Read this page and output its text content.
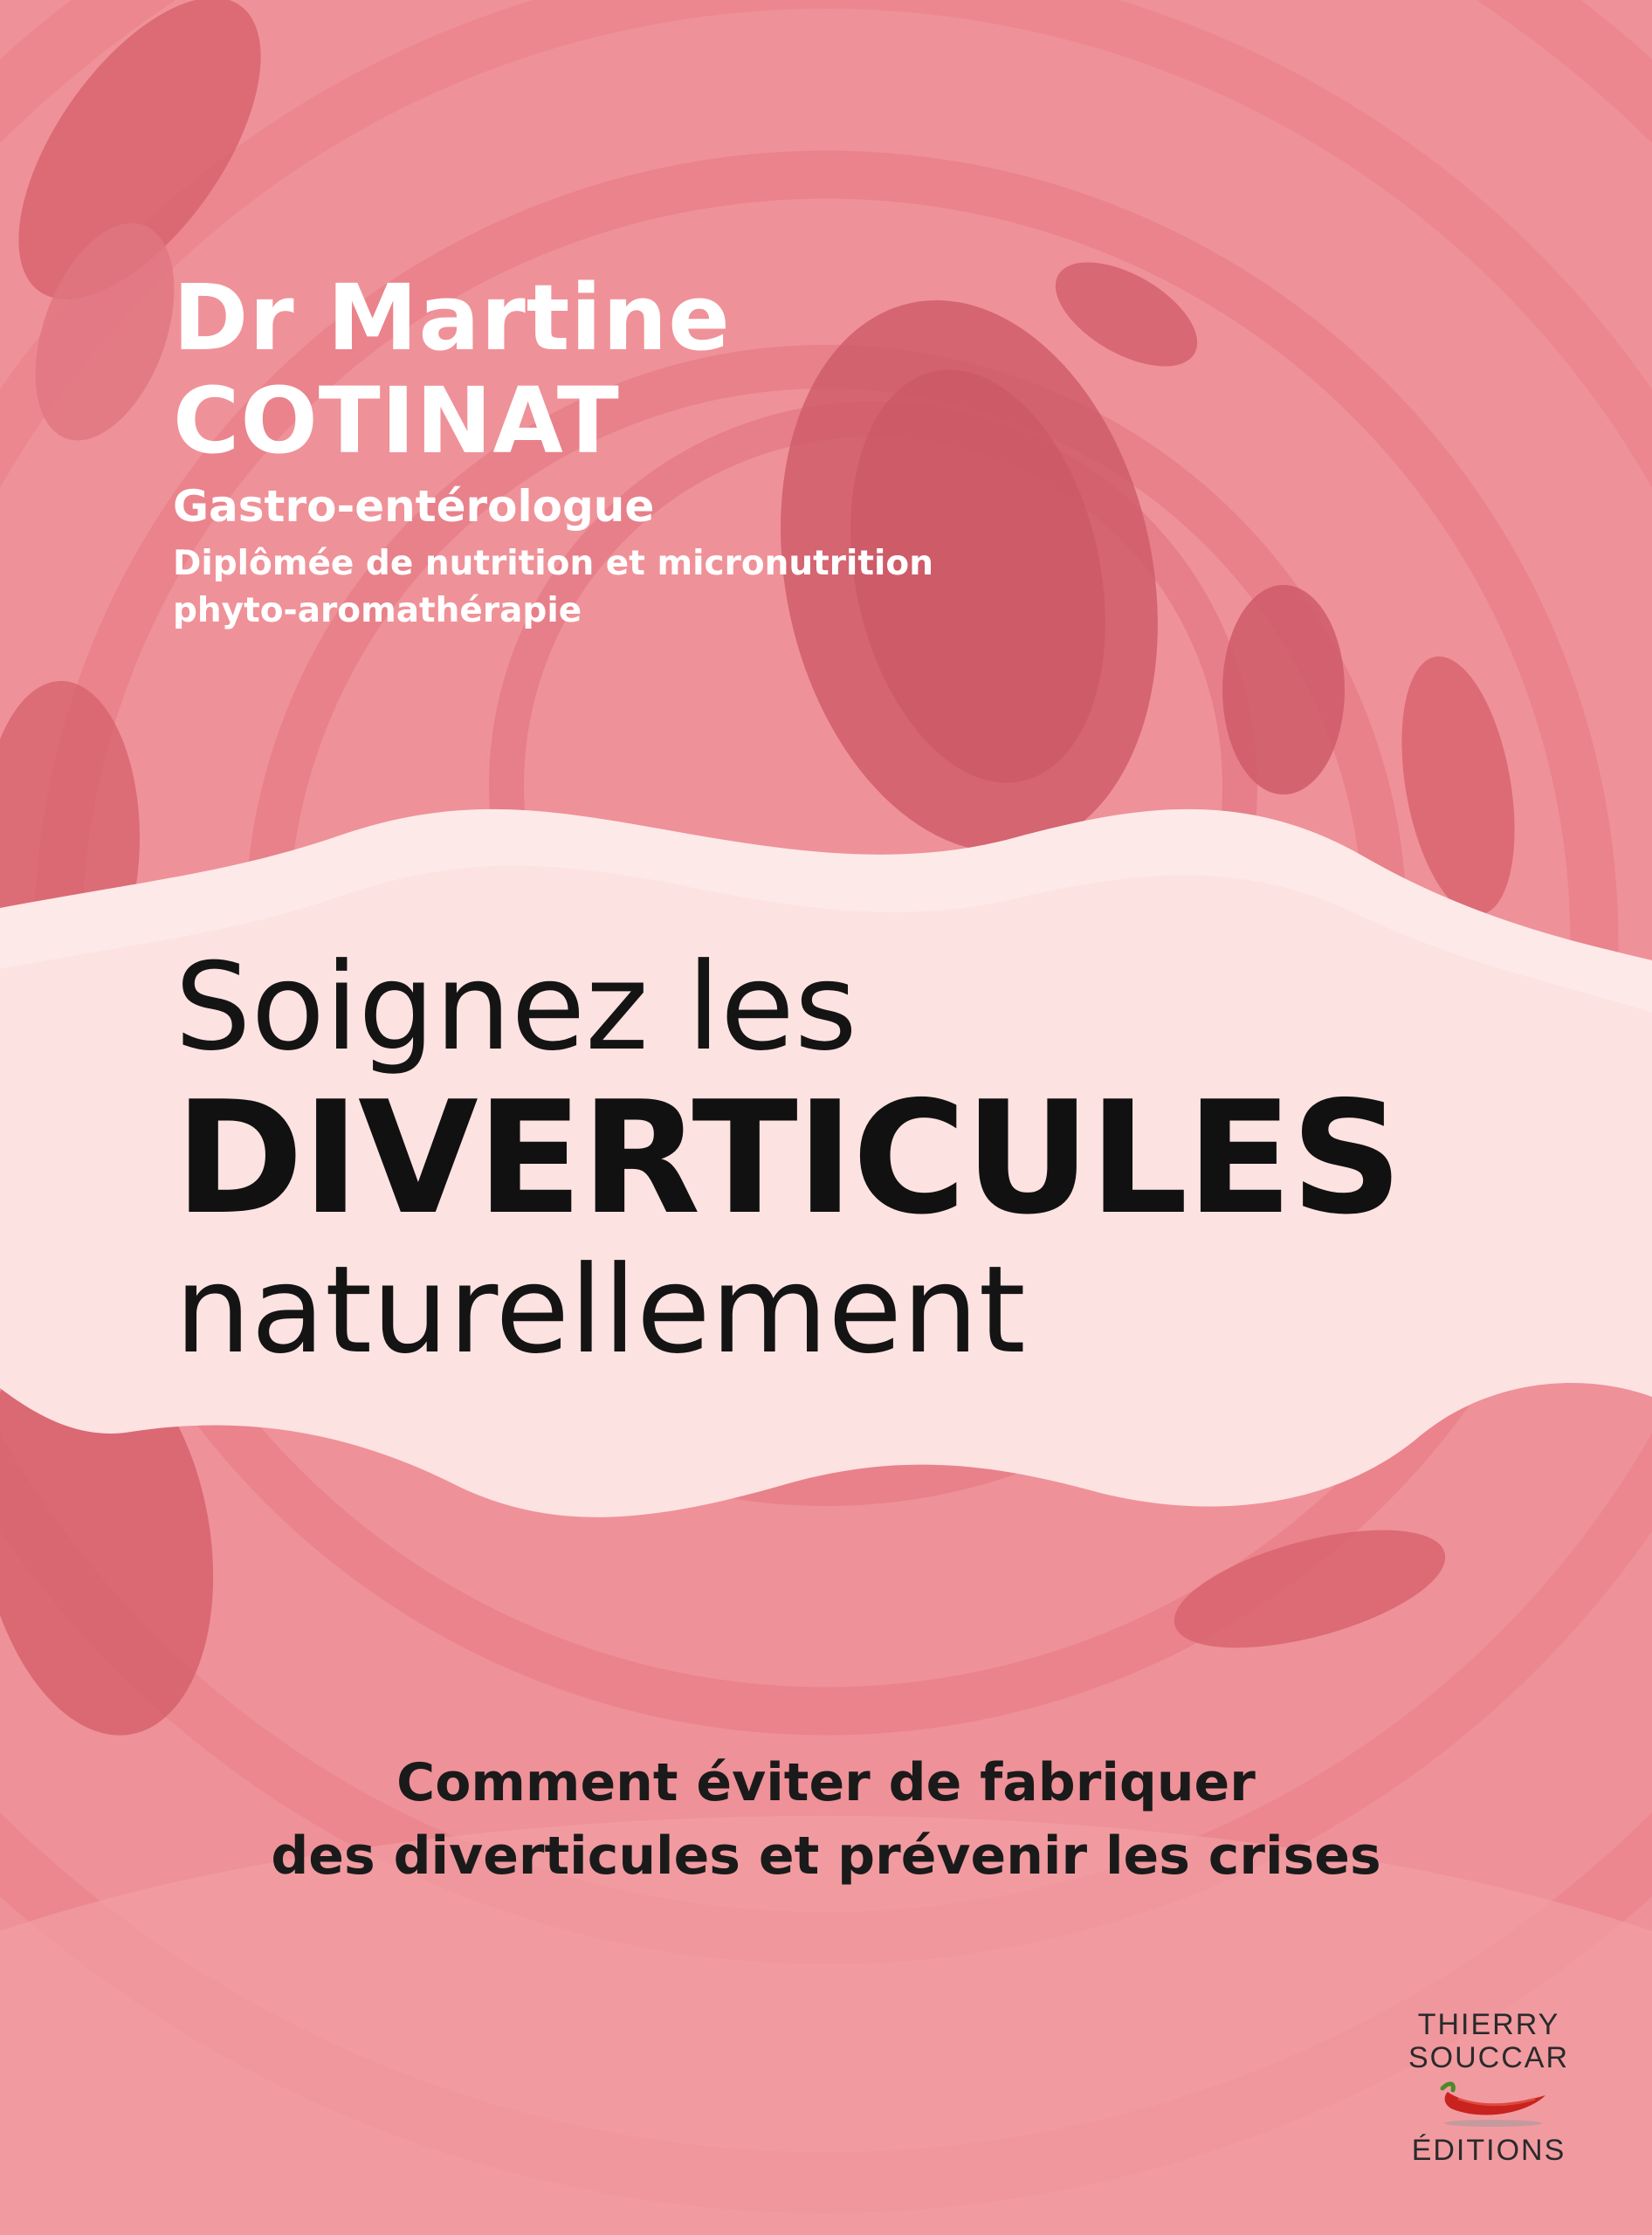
Dr Martine

COTINAT

Gastro-entérologue

Diplômée de nutrition et micronutrition

phyto-aromathérapie

Soignez les

DIVERTICULES

naturellement

Comment éviter de fabriquer
des diverticules et prévenir les crises
THIERRY
SOUCCAR
ÉDITIONS
